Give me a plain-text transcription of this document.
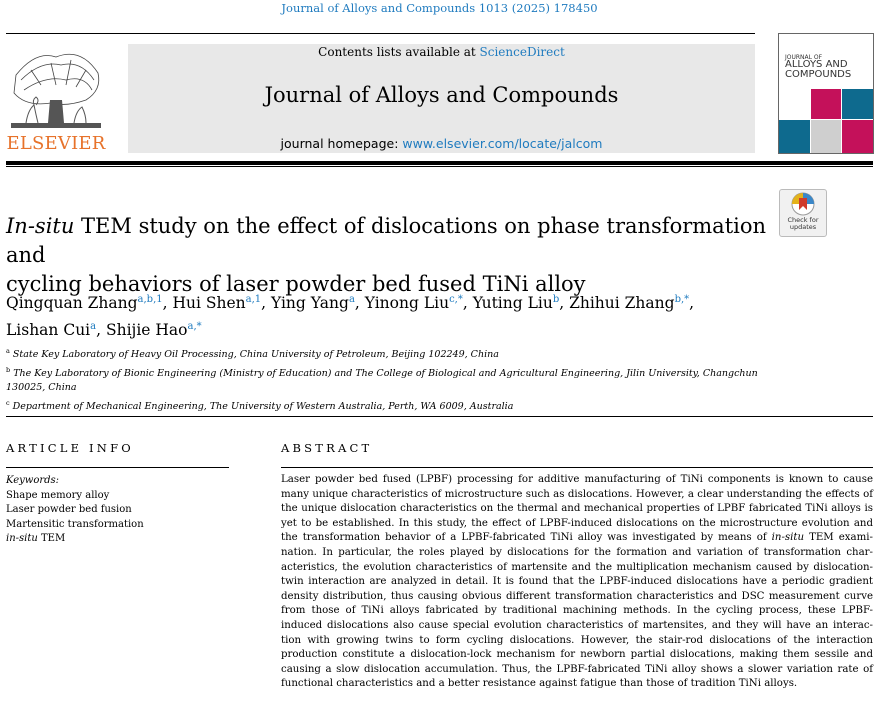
Journal of Alloys and Compounds 1013 (2025) 178450
ELSEVIER
Contents lists available at ScienceDirect
Journal of Alloys and Compounds
journal homepage: www.elsevier.com/locate/jalcom
JOURNAL OF
ALLOYS AND
COMPOUNDS
Check for
updates
In-situ TEM study on the effect of dislocations on phase transformation and
cycling behaviors of laser powder bed fused TiNi alloy
Qingquan Zhang$^{a,b,1}$, Hui Shen$^{a,1}$, Ying Yang$^a$, Yinong Liu$^{c,*}$, Yuting Liu$^b$, Zhihui Zhang$^{b,*}$,
Lishan Cui$^a$, Shijie Hao$^{a,*}$
$^a$ State Key Laboratory of Heavy Oil Processing, China University of Petroleum, Beijing 102249, China
$^b$ The Key Laboratory of Bionic Engineering (Ministry of Education) and The College of Biological and Agricultural Engineering, Jilin University, Changchun 130025, China
$^c$ Department of Mechanical Engineering, The University of Western Australia, Perth, WA 6009, Australia
ARTICLE INFO
Keywords:
Shape memory alloy
Laser powder bed fusion
Martensitic transformation
in-situ TEM
ABSTRACT
Laser powder bed fused (LPBF) processing for additive manufacturing of TiNi components is known to cause
many unique characteristics of microstructure such as dislocations. However, a clear understanding the effects of
the unique dislocation characteristics on the thermal and mechanical properties of LPBF fabricated TiNi alloys is
yet to be established. In this study, the effect of LPBF-induced dislocations on the microstructure evolution and
the transformation behavior of a LPBF-fabricated TiNi alloy was investigated by means of in-situ TEM exami-
nation. In particular, the roles played by dislocations for the formation and variation of transformation char-
acteristics, the evolution characteristics of martensite and the multiplication mechanism caused by dislocation-
twin interaction are analyzed in detail. It is found that the LPBF-induced dislocations have a periodic gradient
density distribution, thus causing obvious different transformation characteristics and DSC measurement curve
from those of TiNi alloys fabricated by traditional machining methods. In the cycling process, these LPBF-
induced dislocations also cause special evolution characteristics of martensites, and they will have an interac-
tion with growing twins to form cycling dislocations. However, the stair-rod dislocations of the interaction
production constitute a dislocation-lock mechanism for newborn partial dislocations, making them sessile and
causing a slow dislocation accumulation. Thus, the LPBF-fabricated TiNi alloy shows a slower variation rate of
functional characteristics and a better resistance against fatigue than those of tradition TiNi alloys.
